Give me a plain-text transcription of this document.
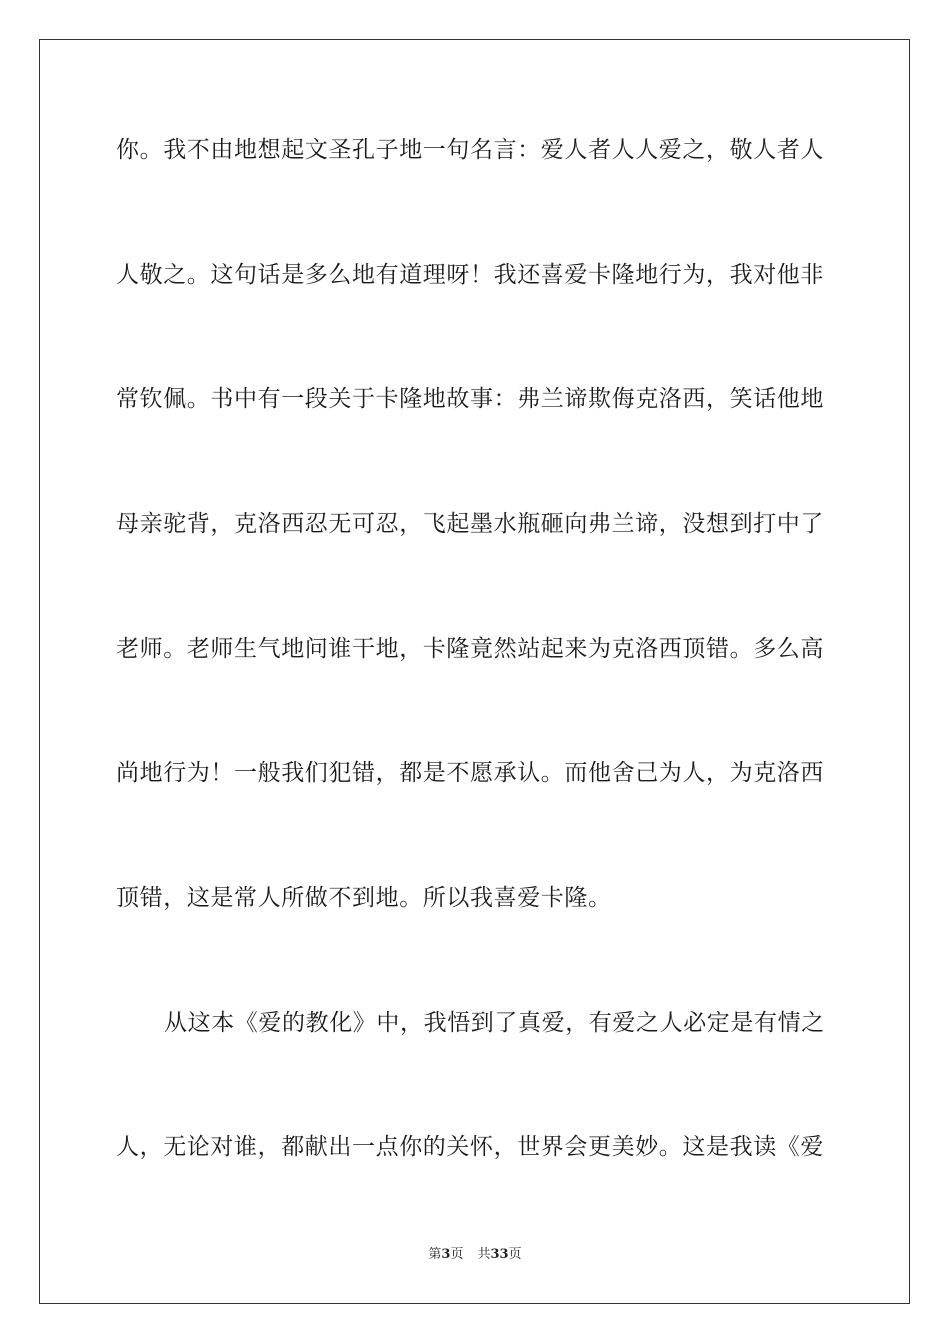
你。我不由地想起文圣孔子地一句名言：爱人者人人爱之，敬人者人
人敬之。这句话是多么地有道理呀！我还喜爱卡隆地行为，我对他非
常钦佩。书中有一段关于卡隆地故事：弗兰谛欺侮克洛西，笑话他地
母亲驼背，克洛西忍无可忍，飞起墨水瓶砸向弗兰谛，没想到打中了
老师。老师生气地问谁干地，卡隆竟然站起来为克洛西顶错。多么高
尚地行为！一般我们犯错，都是不愿承认。而他舍己为人，为克洛西
顶错，这是常人所做不到地。所以我喜爱卡隆。
从这本《爱的教化》中，我悟到了真爱，有爱之人必定是有情之
人，无论对谁，都献出一点你的关怀，世界会更美妙。这是我读《爱
第3页 共33页
